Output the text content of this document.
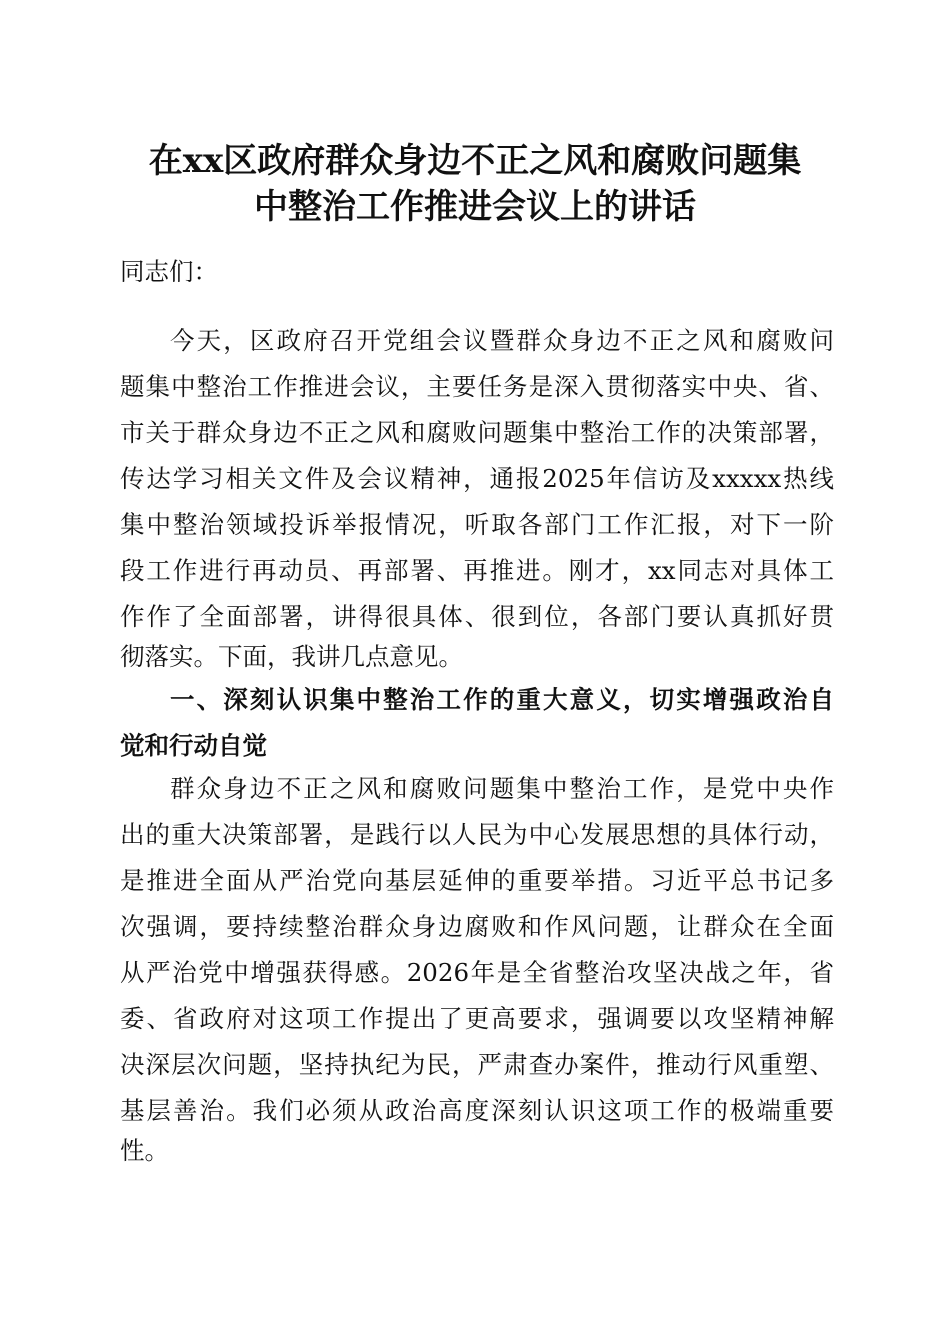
在xx区政府群众身边不正之风和腐败问题集
中整治工作推进会议上的讲话
同志们：
今天，区政府召开党组会议暨群众身边不正之风和腐败问
题集中整治工作推进会议，主要任务是深入贯彻落实中央、省、
市关于群众身边不正之风和腐败问题集中整治工作的决策部署，
传达学习相关文件及会议精神，通报2025年信访及xxxxx热线
集中整治领域投诉举报情况，听取各部门工作汇报，对下一阶
段工作进行再动员、再部署、再推进。刚才，xx同志对具体工
作作了全面部署，讲得很具体、很到位，各部门要认真抓好贯
彻落实。下面，我讲几点意见。
一、深刻认识集中整治工作的重大意义，切实增强政治自
觉和行动自觉
群众身边不正之风和腐败问题集中整治工作，是党中央作
出的重大决策部署，是践行以人民为中心发展思想的具体行动，
是推进全面从严治党向基层延伸的重要举措。习近平总书记多
次强调，要持续整治群众身边腐败和作风问题，让群众在全面
从严治党中增强获得感。2026年是全省整治攻坚决战之年，省
委、省政府对这项工作提出了更高要求，强调要以攻坚精神解
决深层次问题，坚持执纪为民，严肃查办案件，推动行风重塑、
基层善治。我们必须从政治高度深刻认识这项工作的极端重要
性。
